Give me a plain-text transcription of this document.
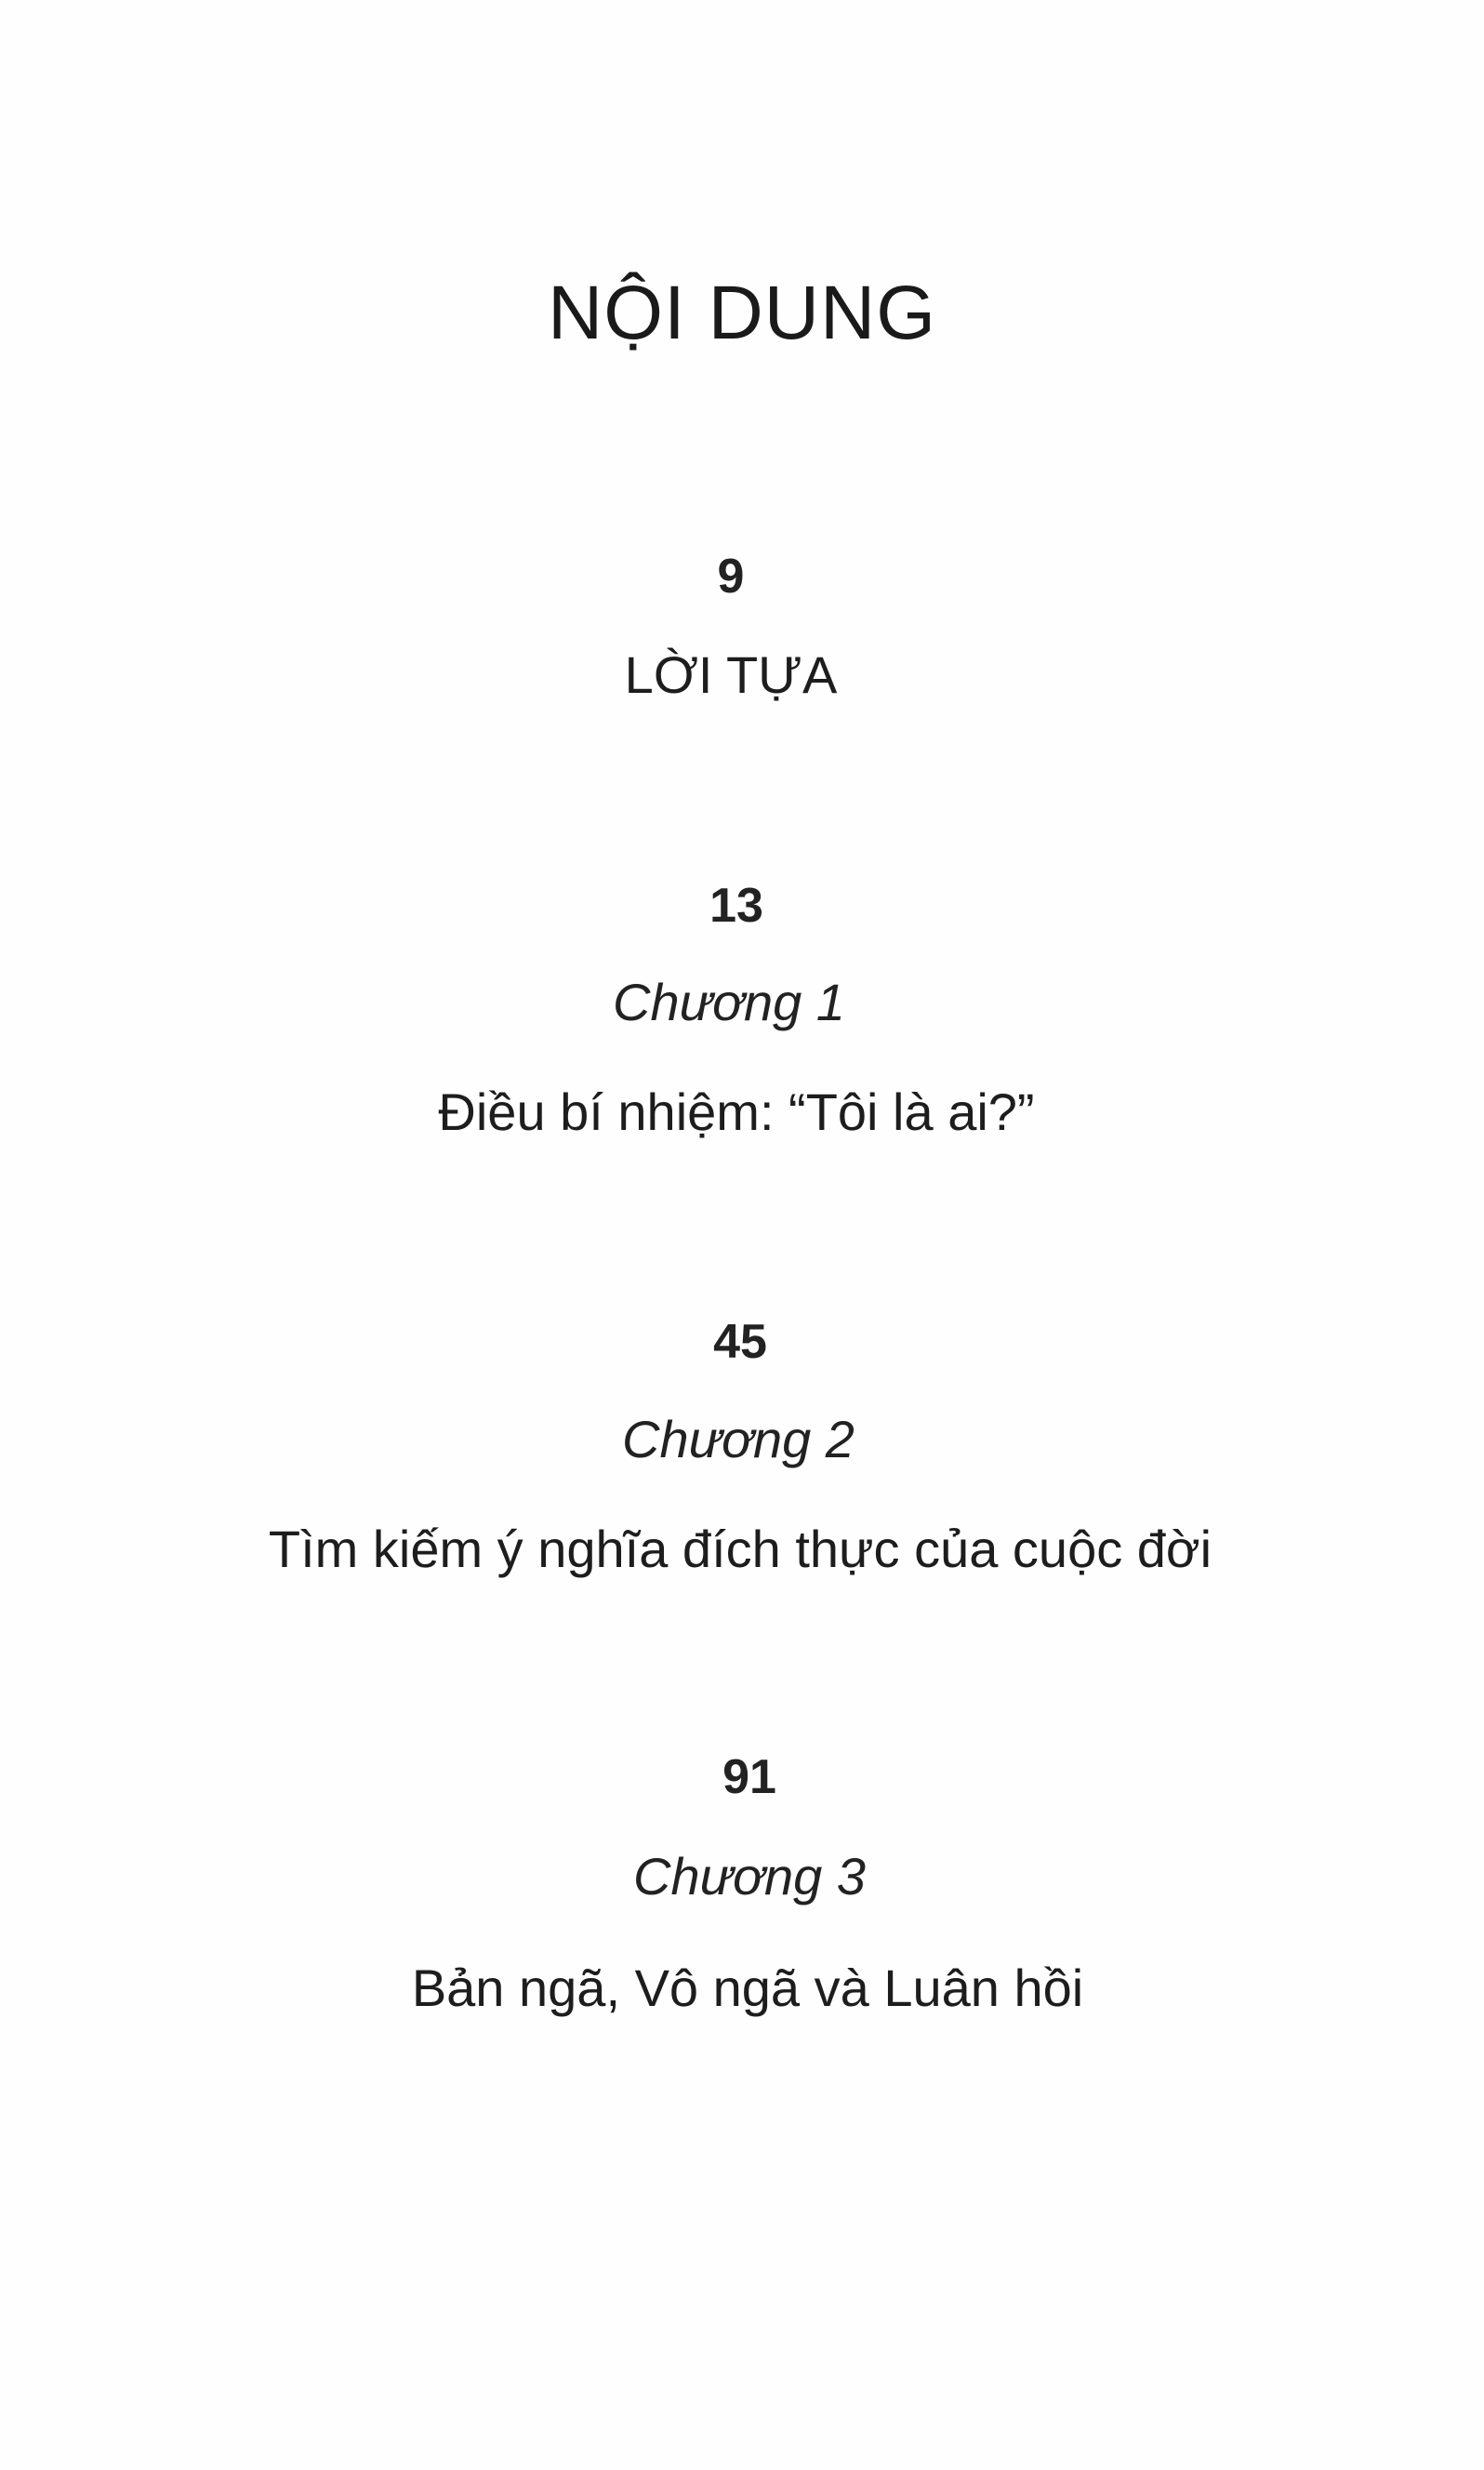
NỘI DUNG
9
LỜI TỰA
13
Chương 1
Điều bí nhiệm: “Tôi là ai?”
45
Chương 2
Tìm kiếm ý nghĩa đích thực của cuộc đời
91
Chương 3
Bản ngã, Vô ngã và Luân hồi
